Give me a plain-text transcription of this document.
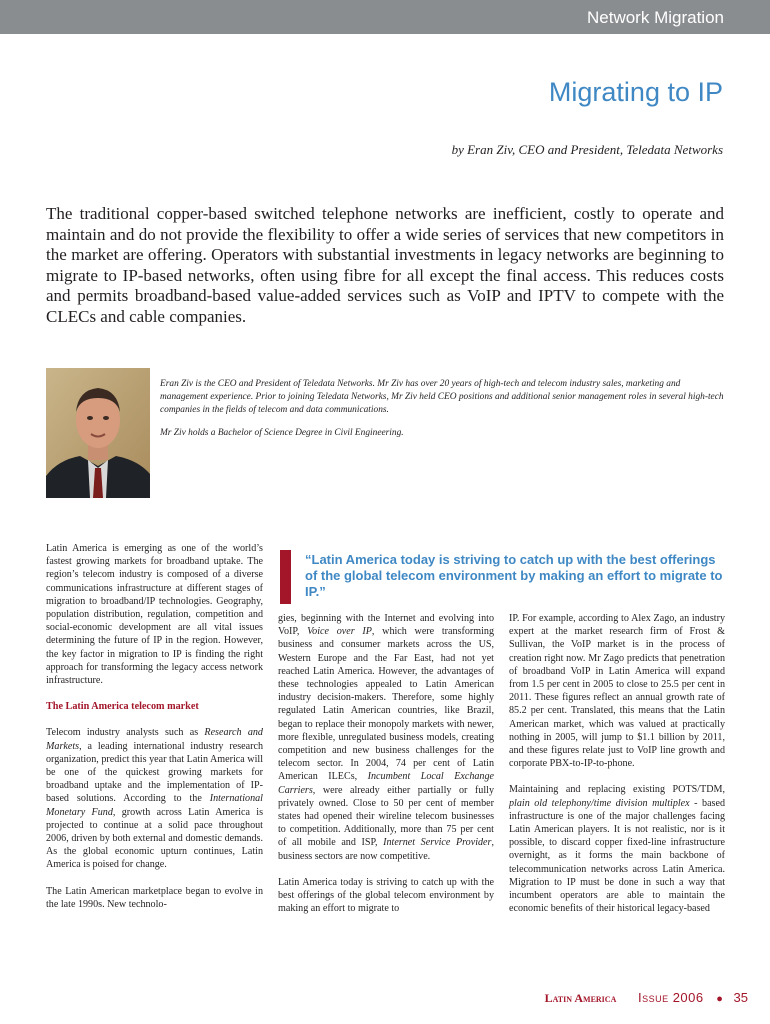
Network Migration
Migrating to IP
by Eran Ziv, CEO and President, Teledata Networks
The traditional copper-based switched telephone networks are inefficient, costly to operate and maintain and do not provide the flexibility to offer a wide series of services that new competitors in the market are offering. Operators with substantial investments in legacy networks are beginning to migrate to IP-based networks, often using fibre for all except the final access. This reduces costs and permits broadband-based value-added services such as VoIP and IPTV to compete with the CLECs and cable companies.

Eran Ziv is the CEO and President of Teledata Networks. Mr Ziv has over 20 years of high-tech and telecom industry sales, marketing and management experience. Prior to joining Teledata Networks, Mr Ziv held CEO positions and additional senior management roles in several high-tech companies in the fields of telecom and data communications.

Mr Ziv holds a Bachelor of Science Degree in Civil Engineering.

“Latin America today is striving to catch up with the best offerings of the global telecom environment by making an effort to migrate to IP.”

Latin America is emerging as one of the world’s fastest growing markets for broadband uptake. The region’s telecom industry is composed of a diverse communications infrastructure at different stages of migration to broadband/IP technologies. Geography, population distribution, regulation, competition and social-economic development are all vital issues determining the future of IP in the region. However, the key factor in migration to IP is finding the right approach for transforming the legacy access network infrastructure.

The Latin America telecom market

Telecom industry analysts such as Research and Markets, a leading international industry research organization, predict this year that Latin America will be one of the quickest growing markets for broadband uptake and the implementation of IP-based solutions. According to the International Monetary Fund, growth across Latin America is projected to continue at a solid pace throughout 2006, driven by both external and domestic demands. As the global economic upturn continues, Latin America is poised for change.

The Latin American marketplace began to evolve in the late 1990s. New technolo-

gies, beginning with the Internet and evolving into VoIP, Voice over IP, which were transforming business and consumer markets across the US, Western Europe and the Far East, had not yet reached Latin America. However, the advantages of these technologies appealed to Latin American industry decision-makers. Therefore, some highly regulated Latin American countries, like Brazil, began to replace their monopoly markets with newer, more flexible, unregulated business models, creating competition and new business challenges for the telecom sector. In 2004, 74 per cent of Latin American ILECs, Incumbent Local Exchange Carriers, were already either partially or fully privately owned. Close to 50 per cent of member states had opened their wireline telecom businesses to competition. Additionally, more than 75 per cent of all mobile and ISP, Internet Service Provider, business sectors are now competitive.

Latin America today is striving to catch up with the best offerings of the global telecom environment by making an effort to migrate to

IP. For example, according to Alex Zago, an industry expert at the market research firm of Frost & Sullivan, the VoIP market is in the process of creation right now. Mr Zago predicts that penetration of broadband VoIP in Latin America will expand from 1.5 per cent in 2005 to close to 25.5 per cent in 2011. These figures reflect an annual growth rate of 85.2 per cent. Translated, this means that the Latin American market, which was valued at practically nothing in 2005, will jump to $1.1 billion by 2011, and these figures relate just to VoIP line growth and corporate PBX-to-IP-to-phone.

Maintaining and replacing existing POTS/TDM, plain old telephony/time division multiplex - based infrastructure is one of the major challenges facing Latin American players. It is not realistic, nor is it possible, to discard copper fixed-line infrastructure overnight, as it forms the main backbone of telecommunication networks across Latin America. Migration to IP must be done in such a way that incumbent operators are able to maintain the economic benefits of their historical legacy-based

Latin America Issue 2006 ● 35
